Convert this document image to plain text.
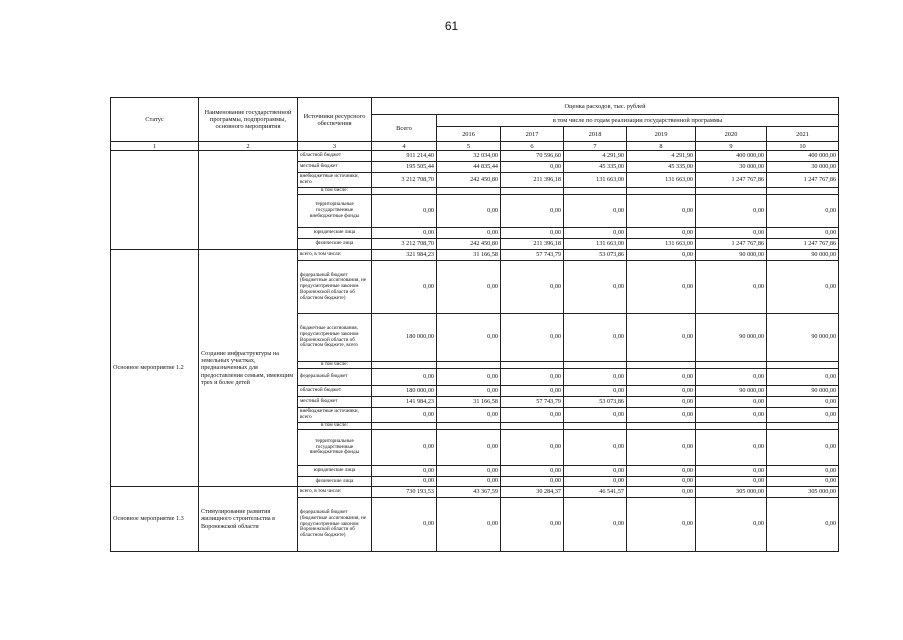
61
Статус	Наименование государственной программы, подпрограммы, основного мероприятия	Источники ресурсного обеспечения	Оценка расходов, тыс. рублей						
			Всего	в том числе по годам реализации государственной программы					
				2016	2017	2018	2019	2020	2021
1	2	3	4	5	6	7	8	9	10
		областной бюджет	911 214,40	32 034,00	70 596,60	4 291,90	4 291,90	400 000,00	400 000,00
		местный бюджет	195 505,44	44 835,44	0,00	45 335,00	45 335,00	30 000,00	30 000,00
		внебюджетные источники, всего	3 212 708,70	242 450,80	211 396,18	131 663,00	131 663,00	1 247 767,86	1 247 767,86
		в том числе:							
		территориальные государственные внебюджетные фонды	0,00	0,00	0,00	0,00	0,00	0,00	0,00
		юридические лица	0,00	0,00	0,00	0,00	0,00	0,00	0,00
		физические лица	3 212 708,70	242 450,80	211 396,18	131 663,00	131 663,00	1 247 767,86	1 247 767,86
Основное мероприятие 1.2	Создание инфраструктуры на земельных участках, предназначенных для предоставления семьям, имеющим трех и более детей	всего, в том числе:	321 984,23	31 166,58	57 743,79	53 073,86	0,00	90 000,00	90 000,00
		федеральный бюджет (бюджетные ассигнования, не предусмотренные законом Воронежской области об областном бюджете)	0,00	0,00	0,00	0,00	0,00	0,00	0,00
		бюджетные ассигнования, предусмотренные законом Воронежской области об областном бюджете, всего	180 000,00	0,00	0,00	0,00	0,00	90 000,00	90 000,00
		в том числе:							
		федеральный бюджет	0,00	0,00	0,00	0,00	0,00	0,00	0,00
		областной бюджет	180 000,00	0,00	0,00	0,00	0,00	90 000,00	90 000,00
		местный бюджет	141 984,23	31 166,58	57 743,79	53 073,86	0,00	0,00	0,00
		внебюджетные источники, всего	0,00	0,00	0,00	0,00	0,00	0,00	0,00
		в том числе:							
		территориальные государственные внебюджетные фонды	0,00	0,00	0,00	0,00	0,00	0,00	0,00
		юридические лица	0,00	0,00	0,00	0,00	0,00	0,00	0,00
		физические лица	0,00	0,00	0,00	0,00	0,00	0,00	0,00
Основное мероприятие 1.3	Стимулирование развития жилищного строительства в Воронежской области	всего, в том числе:	730 193,53	43 367,59	30 284,37	46 541,57	0,00	305 000,00	305 000,00
		федеральный бюджет (бюджетные ассигнования, не предусмотренные законом Воронежской области об областном бюджете)	0,00	0,00	0,00	0,00	0,00	0,00	0,00
